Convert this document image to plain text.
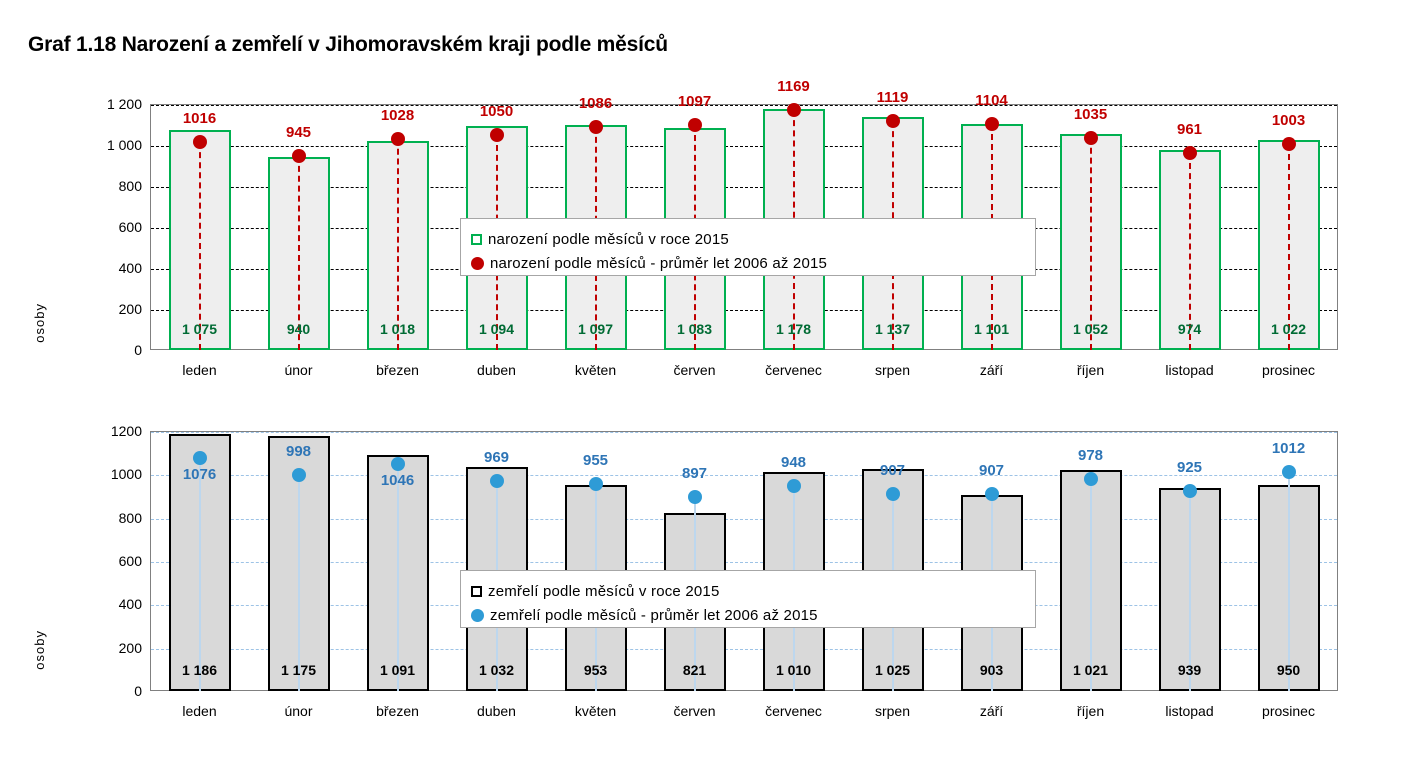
Graf 1.18 Narození a zemřelí v Jihomoravském kraji podle měsíců
osoby
0
200
400
600
800
1 000
1 200
1016
1 075
leden
945
940
únor
1028
1 018
březen
1050
1 094
duben
1086
1 097
květen
1097
1 083
červen
1169
1 178
červenec
1119
1 137
srpen
1104
1 101
září
1035
1 052
říjen
961
974
listopad
1003
1 022
prosinec
narození podle měsíců v roce 2015
narození podle měsíců - průměr let 2006 až 2015
osoby
0
200
400
600
800
1000
1200
1076
1 186
leden
998
1 175
únor
1046
1 091
březen
969
1 032
duben
955
953
květen
897
821
červen
948
1 010
červenec
907
1 025
srpen
907
903
září
978
1 021
říjen
925
939
listopad
1012
950
prosinec
zemřelí podle měsíců v roce 2015
zemřelí podle měsíců - průměr let 2006 až 2015
